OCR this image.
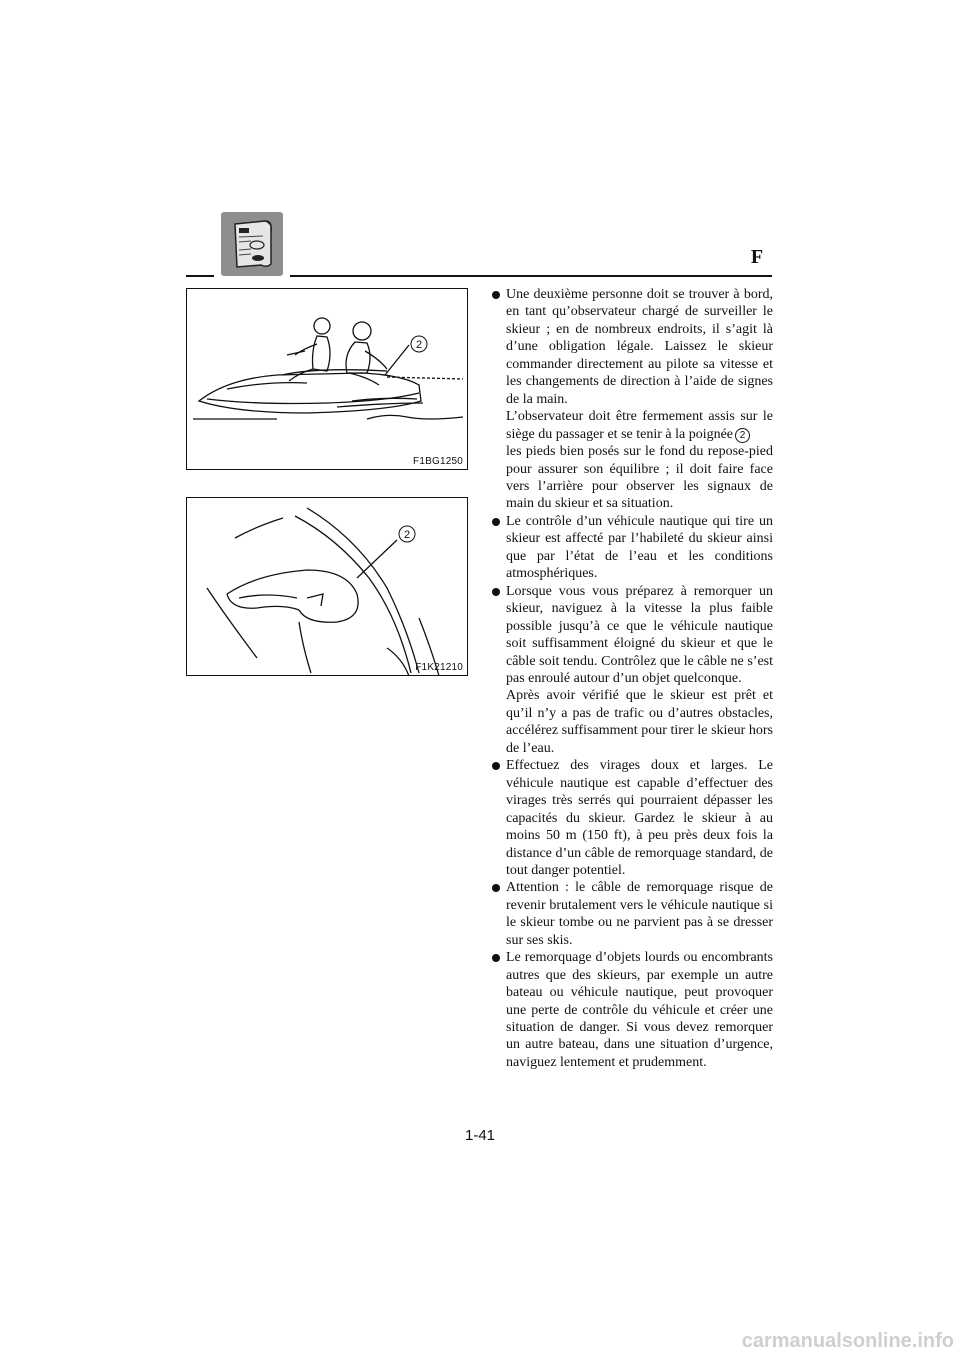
F
2
F1BG1250
2
F1K21210

Une deuxième personne doit se trouver à bord, en tant qu’observateur chargé de surveiller le skieur ; en de nombreux endroits, il s’agit là d’une obligation légale. Laissez le skieur commander directement au pilote sa vitesse et les changements de direction à l’aide de signes de la main.

L’observateur doit être fermement assis sur le siège du passager et se tenir à la poignée 2

les pieds bien posés sur le fond du repose-pied pour assurer son équilibre ; il doit faire face vers l’arrière pour observer les signaux de main du skieur et sa situation.

Le contrôle d’un véhicule nautique qui tire un skieur est affecté par l’habileté du skieur ainsi que par l’état de l’eau et les conditions atmosphériques.

Lorsque vous vous préparez à remorquer un skieur, naviguez à la vitesse la plus faible possible jusqu’à ce que le véhicule nautique soit suffisamment éloigné du skieur et que le câble soit tendu. Contrôlez que le câble ne s’est pas enroulé autour d’un objet quelconque.

Après avoir vérifié que le skieur est prêt et qu’il n’y a pas de trafic ou d’autres obstacles, accélérez suffisamment pour tirer le skieur hors de l’eau.

Effectuez des virages doux et larges. Le véhicule nautique est capable d’effectuer des virages très serrés qui pourraient dépasser les capacités du skieur. Gardez le skieur à au moins 50 m (150 ft), à peu près deux fois la distance d’un câble de remorquage standard, de tout danger potentiel.

Attention : le câble de remorquage risque de revenir brutalement vers le véhicule nautique si le skieur tombe ou ne parvient pas à se dresser sur ses skis.

Le remorquage d’objets lourds ou encombrants autres que des skieurs, par exemple un autre bateau ou véhicule nautique, peut provoquer une perte de contrôle du véhicule et créer une situation de danger. Si vous devez remorquer un autre bateau, dans une situation d’urgence, naviguez lentement et prudemment.

1-41
carmanualsonline.info
